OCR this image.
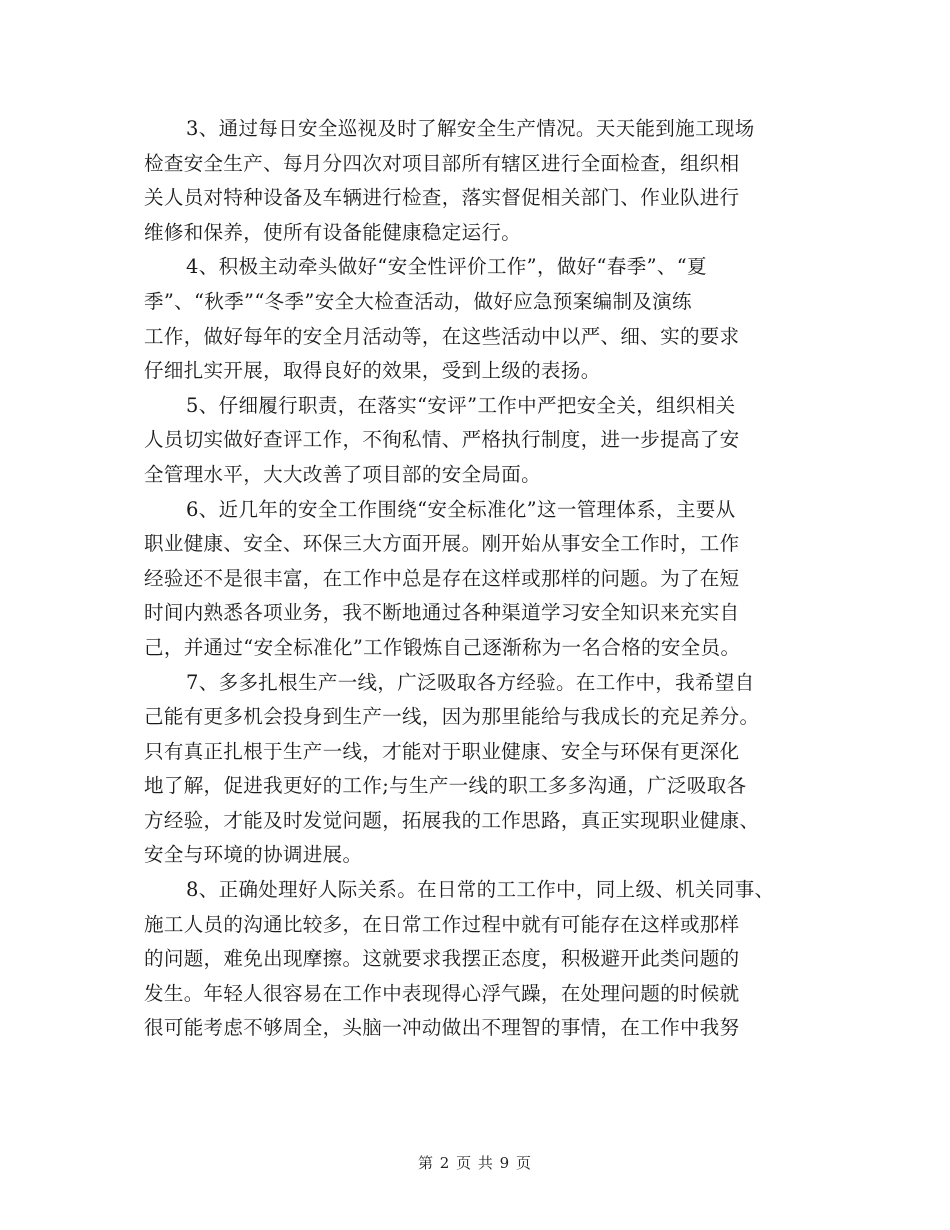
3、通过每日安全巡视及时了解安全生产情况。天天能到施工现场
检查安全生产、每月分四次对项目部所有辖区进行全面检查，组织相
关人员对特种设备及车辆进行检查，落实督促相关部门、作业队进行
维修和保养，使所有设备能健康稳定运行。
4、积极主动牵头做好“安全性评价工作”，做好“春季”、“夏
季”、“秋季”“冬季”安全大检查活动，做好应急预案编制及演练
工作，做好每年的安全月活动等，在这些活动中以严、细、实的要求
仔细扎实开展，取得良好的效果，受到上级的表扬。
5、仔细履行职责，在落实“安评”工作中严把安全关，组织相关
人员切实做好查评工作，不徇私情、严格执行制度，进一步提高了安
全管理水平，大大改善了项目部的安全局面。
6、近几年的安全工作围绕“安全标准化”这一管理体系，主要从
职业健康、安全、环保三大方面开展。刚开始从事安全工作时，工作
经验还不是很丰富，在工作中总是存在这样或那样的问题。为了在短
时间内熟悉各项业务，我不断地通过各种渠道学习安全知识来充实自
己，并通过“安全标准化”工作锻炼自己逐渐称为一名合格的安全员。
7、多多扎根生产一线，广泛吸取各方经验。在工作中，我希望自
己能有更多机会投身到生产一线，因为那里能给与我成长的充足养分。
只有真正扎根于生产一线，才能对于职业健康、安全与环保有更深化
地了解，促进我更好的工作;与生产一线的职工多多沟通，广泛吸取各
方经验，才能及时发觉问题，拓展我的工作思路，真正实现职业健康、
安全与环境的协调进展。
8、正确处理好人际关系。在日常的工工作中，同上级、机关同事、
施工人员的沟通比较多，在日常工作过程中就有可能存在这样或那样
的问题，难免出现摩擦。这就要求我摆正态度，积极避开此类问题的
发生。年轻人很容易在工作中表现得心浮气躁，在处理问题的时候就
很可能考虑不够周全，头脑一冲动做出不理智的事情，在工作中我努
第 2 页 共 9 页
